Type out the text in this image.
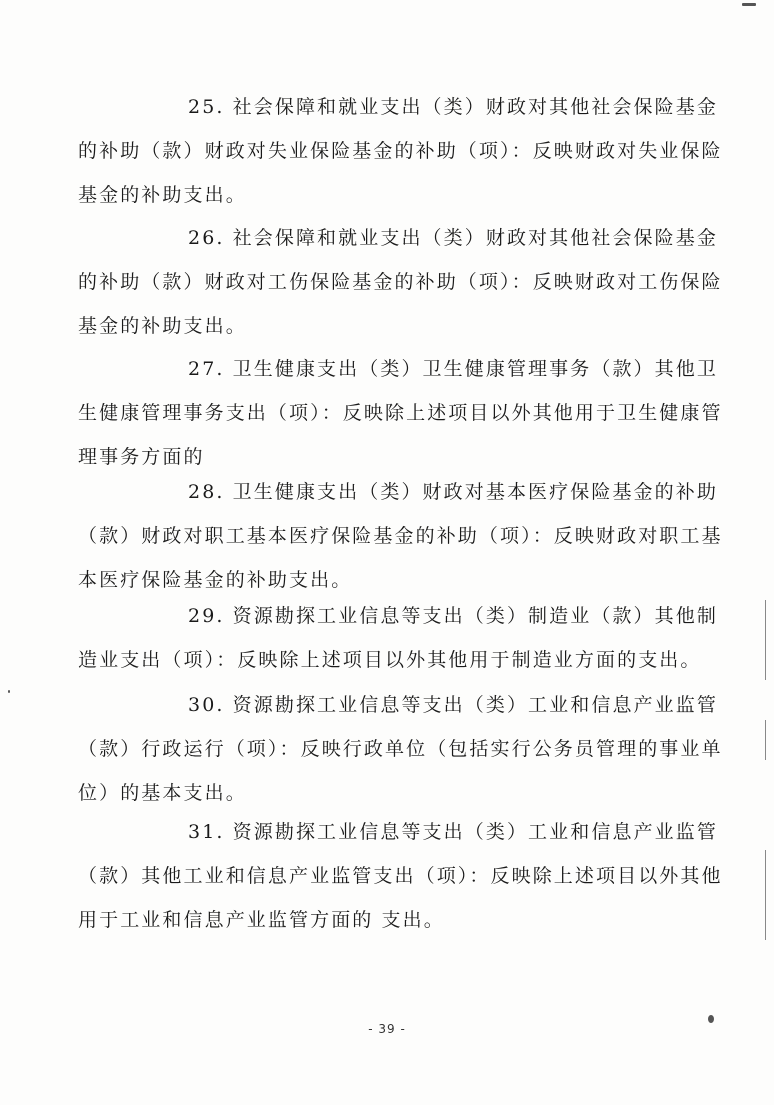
25. 社会保障和就业支出（类）财政对其他社会保险基金的补助（款）财政对失业保险基金的补助（项）：反映财政对失业保险基金的补助支出。

26. 社会保障和就业支出（类）财政对其他社会保险基金的补助（款）财政对工伤保险基金的补助（项）：反映财政对工伤保险基金的补助支出。

27. 卫生健康支出（类）卫生健康管理事务（款）其他卫生健康管理事务支出（项）：反映除上述项目以外其他用于卫生健康管理事务方面的

28. 卫生健康支出（类）财政对基本医疗保险基金的补助（款）财政对职工基本医疗保险基金的补助（项）：反映财政对职工基本医疗保险基金的补助支出。

29. 资源勘探工业信息等支出（类）制造业（款）其他制造业支出（项）：反映除上述项目以外其他用于制造业方面的支出。

30. 资源勘探工业信息等支出（类）工业和信息产业监管（款）行政运行（项）：反映行政单位（包括实行公务员管理的事业单位）的基本支出。

31. 资源勘探工业信息等支出（类）工业和信息产业监管（款）其他工业和信息产业监管支出（项）：反映除上述项目以外其他用于工业和信息产业监管方面的 支出。

- 39 -
